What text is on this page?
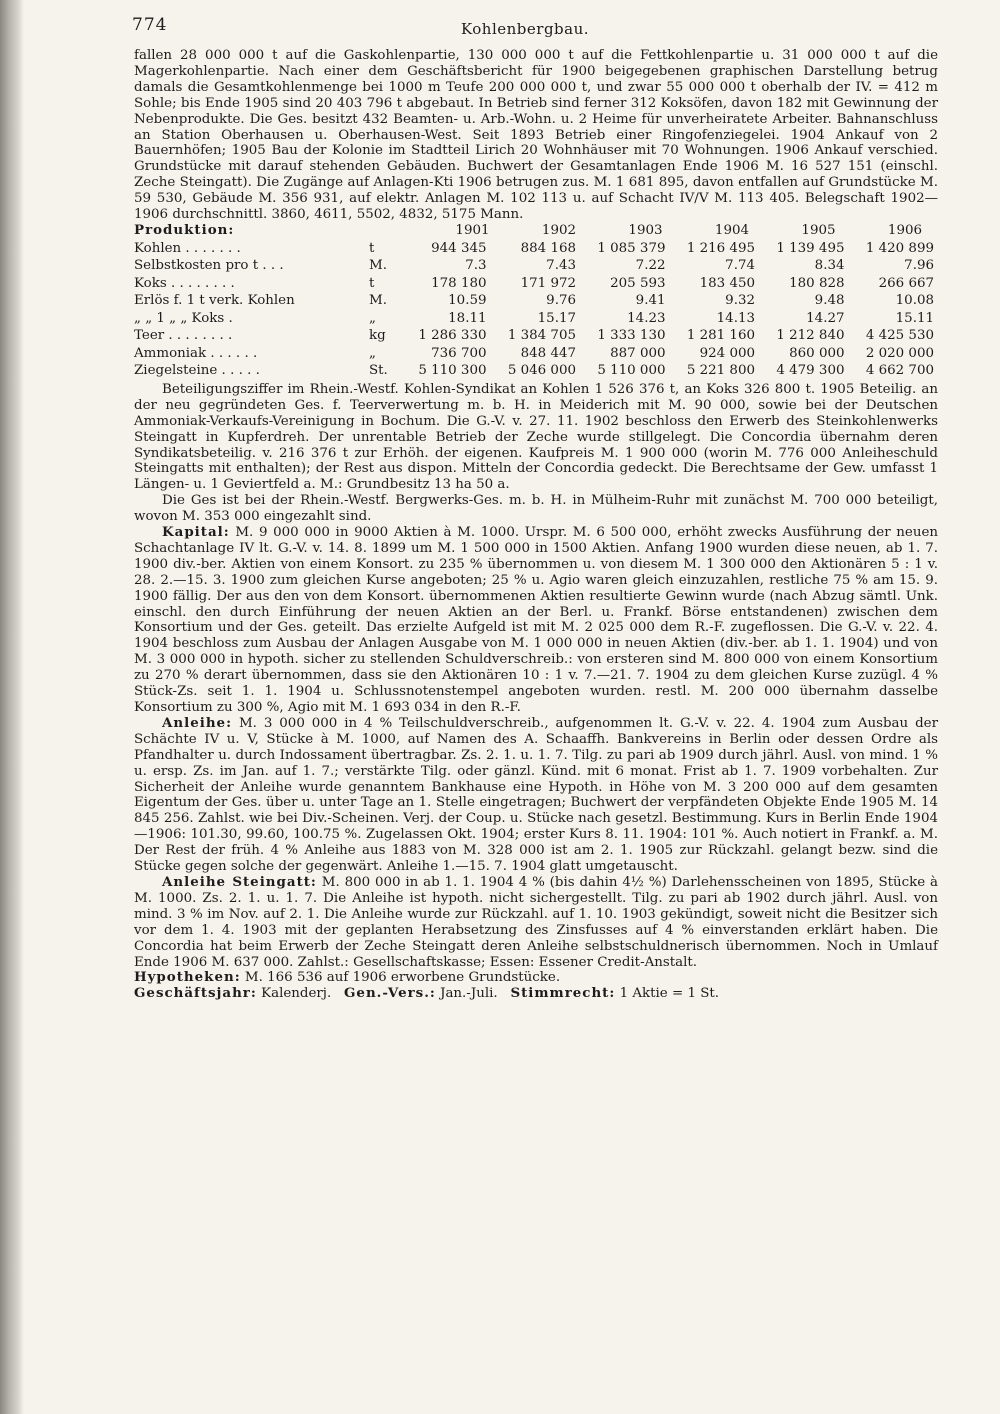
774	Kohlenbergbau.

fallen 28 000 000 t auf die Gaskohlenpartie, 130 000 000 t auf die Fettkohlenpartie u. 31 000 000 t auf die Magerkohlenpartie. Nach einer dem Geschäftsbericht für 1900 beigegebenen graphischen Darstellung betrug damals die Gesamtkohlenmenge bei 1000 m Teufe 200 000 000 t, und zwar 55 000 000 t oberhalb der IV. = 412 m Sohle; bis Ende 1905 sind 20 403 796 t abgebaut. In Betrieb sind ferner 312 Koksöfen, davon 182 mit Gewinnung der Nebenprodukte. Die Ges. besitzt 432 Beamten- u. Arb.-Wohn. u. 2 Heime für unverheiratete Arbeiter. Bahnanschluss an Station Oberhausen u. Oberhausen-West. Seit 1893 Betrieb einer Ringofenziegelei. 1904 Ankauf von 2 Bauernhöfen; 1905 Bau der Kolonie im Stadtteil Lirich 20 Wohnhäuser mit 70 Wohnungen. 1906 Ankauf verschied. Grundstücke mit darauf stehenden Gebäuden. Buchwert der Gesamtanlagen Ende 1906 M. 16 527 151 (einschl. Zeche Steingatt). Die Zugänge auf Anlagen-Kti 1906 betrugen zus. M. 1 681 895, davon entfallen auf Grundstücke M. 59 530, Gebäude M. 356 931, auf elektr. Anlagen M. 102 113 u. auf Schacht IV/V M. 113 405. Belegschaft 1902—1906 durchschnittl. 3860, 4611, 5502, 4832, 5175 Mann.

Produktion:	1901	1902	1903	1904	1905	1906
Kohlen . . . . . . .	t	944 345	884 168	1 085 379	1 216 495	1 139 495	1 420 899
Selbstkosten pro t . . .	M.	7.3	7.43	7.22	7.74	8.34	7.96
Koks . . . . . . . .	t	178 180	171 972	205 593	183 450	180 828	266 667
Erlös f. 1 t verk. Kohlen	M.	10.59	9.76	9.41	9.32	9.48	10.08
„ „ 1 „ „ Koks .	„	18.11	15.17	14.23	14.13	14.27	15.11
Teer . . . . . . . .	kg	1 286 330	1 384 705	1 333 130	1 281 160	1 212 840	4 425 530
Ammoniak . . . . . .	„	736 700	848 447	887 000	924 000	860 000	2 020 000
Ziegelsteine . . . . .	St.	5 110 300	5 046 000	5 110 000	5 221 800	4 479 300	4 662 700

Beteiligungsziffer im Rhein.-Westf. Kohlen-Syndikat an Kohlen 1 526 376 t, an Koks 326 800 t. 1905 Beteilig. an der neu gegründeten Ges. f. Teerverwertung m. b. H. in Meiderich mit M. 90 000, sowie bei der Deutschen Ammoniak-Verkaufs-Vereinigung in Bochum. Die G.-V. v. 27. 11. 1902 beschloss den Erwerb des Steinkohlenwerks Steingatt in Kupferdreh. Der unrentable Betrieb der Zeche wurde stillgelegt. Die Concordia übernahm deren Syndikatsbeteilig. v. 216 376 t zur Erhöh. der eigenen. Kaufpreis M. 1 900 000 (worin M. 776 000 Anleiheschuld Steingatts mit enthalten); der Rest aus dispon. Mitteln der Concordia gedeckt. Die Berechtsame der Gew. umfasst 1 Längen- u. 1 Geviertfeld a. M.: Grundbesitz 13 ha 50 a.

Die Ges ist bei der Rhein.-Westf. Bergwerks-Ges. m. b. H. in Mülheim-Ruhr mit zunächst M. 700 000 beteiligt, wovon M. 353 000 eingezahlt sind.

Kapital: M. 9 000 000 in 9000 Aktien à M. 1000. Urspr. M. 6 500 000, erhöht zwecks Ausführung der neuen Schachtanlage IV lt. G.-V. v. 14. 8. 1899 um M. 1 500 000 in 1500 Aktien. Anfang 1900 wurden diese neuen, ab 1. 7. 1900 div.-ber. Aktien von einem Konsort. zu 235 % übernommen u. von diesem M. 1 300 000 den Aktionären 5 : 1 v. 28. 2.—15. 3. 1900 zum gleichen Kurse angeboten; 25 % u. Agio waren gleich einzuzahlen, restliche 75 % am 15. 9. 1900 fällig. Der aus den von dem Konsort. übernommenen Aktien resultierte Gewinn wurde (nach Abzug sämtl. Unk. einschl. den durch Einführung der neuen Aktien an der Berl. u. Frankf. Börse entstandenen) zwischen dem Konsortium und der Ges. geteilt. Das erzielte Aufgeld ist mit M. 2 025 000 dem R.-F. zugeflossen. Die G.-V. v. 22. 4. 1904 beschloss zum Ausbau der Anlagen Ausgabe von M. 1 000 000 in neuen Aktien (div.-ber. ab 1. 1. 1904) und von M. 3 000 000 in hypoth. sicher zu stellenden Schuldverschreib.: von ersteren sind M. 800 000 von einem Konsortium zu 270 % derart übernommen, dass sie den Aktionären 10 : 1 v. 7.—21. 7. 1904 zu dem gleichen Kurse zuzügl. 4 % Stück-Zs. seit 1. 1. 1904 u. Schlussnotenstempel angeboten wurden. restl. M. 200 000 übernahm dasselbe Konsortium zu 300 %, Agio mit M. 1 693 034 in den R.-F.

Anleihe: M. 3 000 000 in 4 % Teilschuldverschreib., aufgenommen lt. G.-V. v. 22. 4. 1904 zum Ausbau der Schächte IV u. V, Stücke à M. 1000, auf Namen des A. Schaaffh. Bankvereins in Berlin oder dessen Ordre als Pfandhalter u. durch Indossament übertragbar. Zs. 2. 1. u. 1. 7. Tilg. zu pari ab 1909 durch jährl. Ausl. von mind. 1 % u. ersp. Zs. im Jan. auf 1. 7.; verstärkte Tilg. oder gänzl. Künd. mit 6 monat. Frist ab 1. 7. 1909 vorbehalten. Zur Sicherheit der Anleihe wurde genanntem Bankhause eine Hypoth. in Höhe von M. 3 200 000 auf dem gesamten Eigentum der Ges. über u. unter Tage an 1. Stelle eingetragen; Buchwert der verpfändeten Objekte Ende 1905 M. 14 845 256. Zahlst. wie bei Div.-Scheinen. Verj. der Coup. u. Stücke nach gesetzl. Bestimmung. Kurs in Berlin Ende 1904—1906: 101.30, 99.60, 100.75 %. Zugelassen Okt. 1904; erster Kurs 8. 11. 1904: 101 %. Auch notiert in Frankf. a. M. Der Rest der früh. 4 % Anleihe aus 1883 von M. 328 000 ist am 2. 1. 1905 zur Rückzahl. gelangt bezw. sind die Stücke gegen solche der gegenwärt. Anleihe 1.—15. 7. 1904 glatt umgetauscht.

Anleihe Steingatt: M. 800 000 in ab 1. 1. 1904 4 % (bis dahin 4½ %) Darlehensscheinen von 1895, Stücke à M. 1000. Zs. 2. 1. u. 1. 7. Die Anleihe ist hypoth. nicht sichergestellt. Tilg. zu pari ab 1902 durch jährl. Ausl. von mind. 3 % im Nov. auf 2. 1. Die Anleihe wurde zur Rückzahl. auf 1. 10. 1903 gekündigt, soweit nicht die Besitzer sich vor dem 1. 4. 1903 mit der geplanten Herabsetzung des Zinsfusses auf 4 % einverstanden erklärt haben. Die Concordia hat beim Erwerb der Zeche Steingatt deren Anleihe selbstschuldnerisch übernommen. Noch in Umlauf Ende 1906 M. 637 000. Zahlst.: Gesellschaftskasse; Essen: Essener Credit-Anstalt.

Hypotheken: M. 166 536 auf 1906 erworbene Grundstücke.

Geschäftsjahr: Kalenderj. Gen.-Vers.: Jan.-Juli. Stimmrecht: 1 Aktie = 1 St.
